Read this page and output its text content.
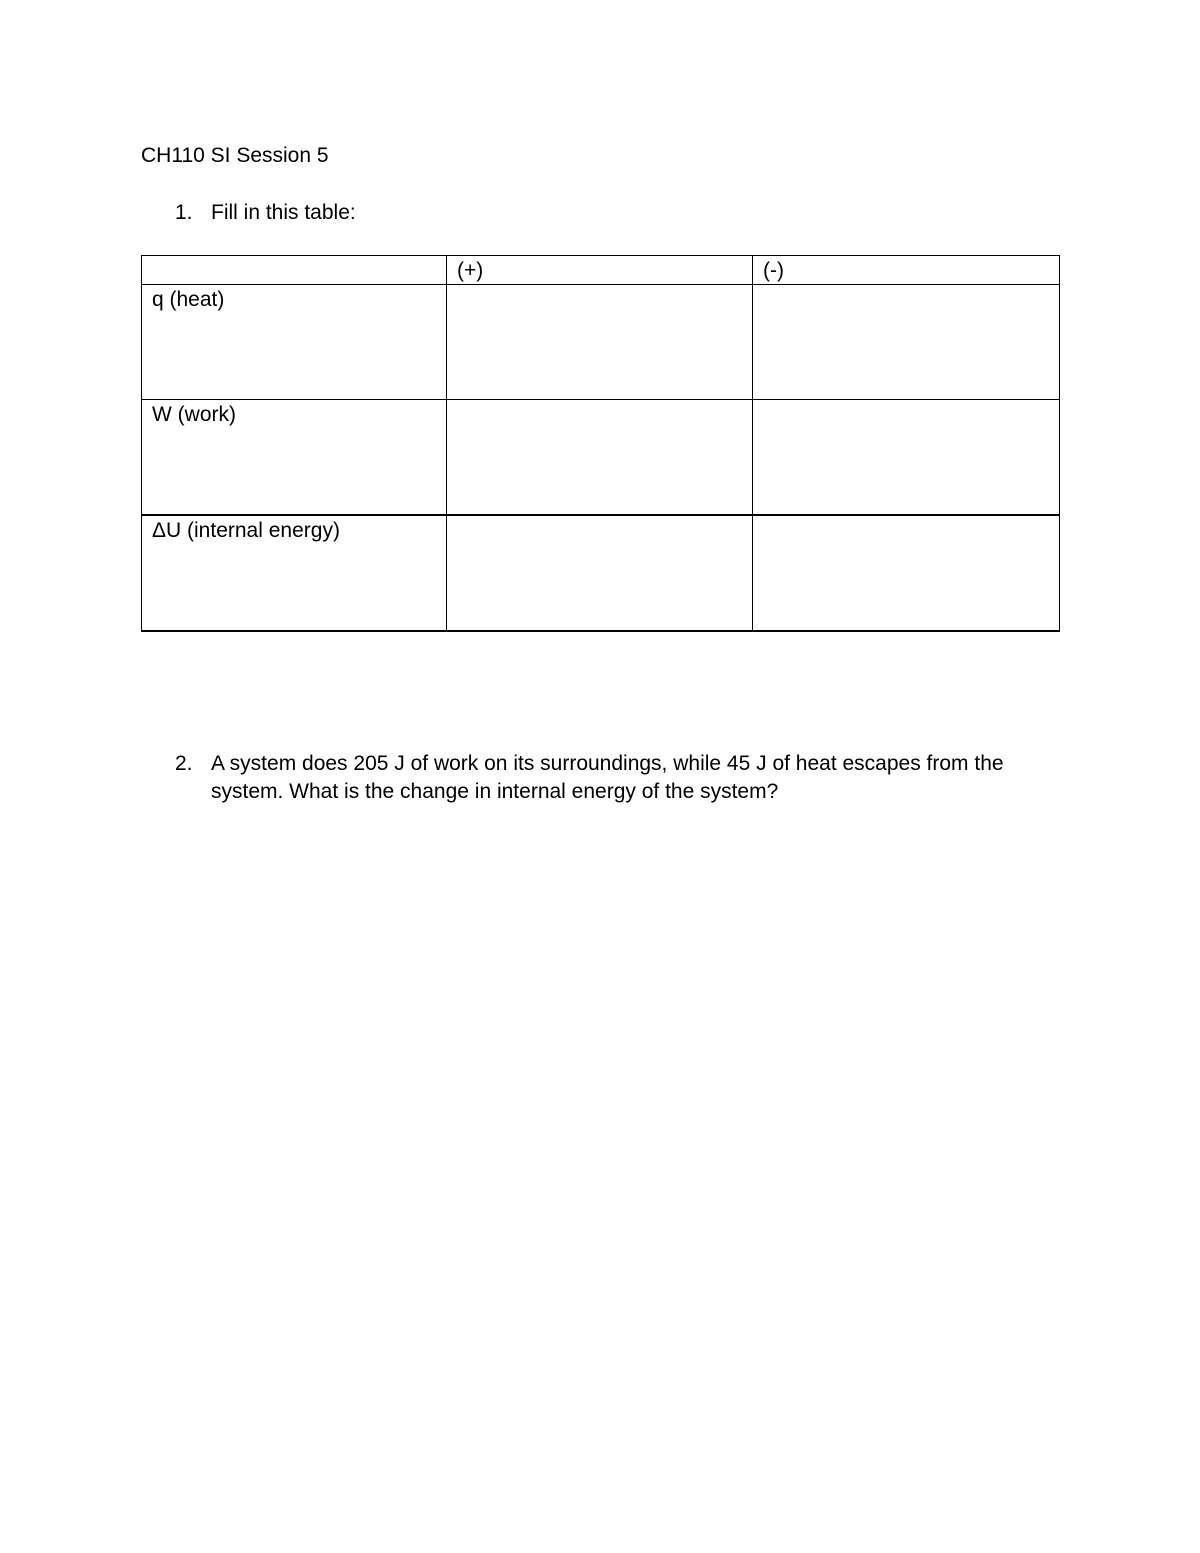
CH110 SI Session 5
1. Fill in this table:
	(+)	(-)
q (heat)		
W (work)		
ΔU (internal energy)		
2. A system does 205 J of work on its surroundings, while 45 J of heat escapes from the system. What is the change in internal energy of the system?
